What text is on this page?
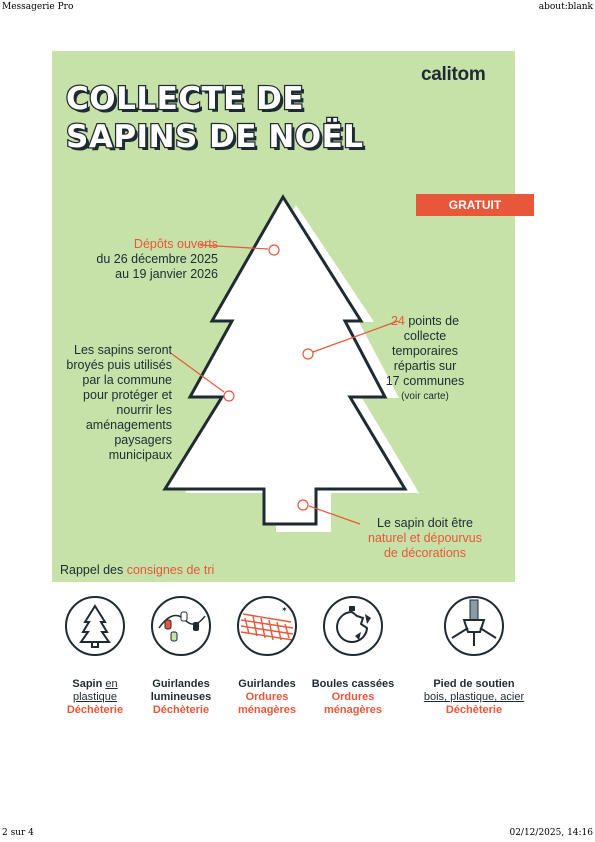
Messagerie Pro	about:blank
calitom
COLLECTE DE
SAPINS DE NOËL
GRATUIT
Dépôts ouverts
du 26 décembre 2025
au 19 janvier 2026
Les sapins seront broyés puis utilisés par la commune pour protéger et nourrir les aménagements paysagers municipaux
24 points de
collecte
temporaires
répartis sur
17 communes
(voir carte)
Le sapin doit être
naturel et dépourvus
de décorations
Rappel des consignes de tri
Sapin en
plastique
Déchèterie
Guirlandes
lumineuses
Déchèterie
✶
Guirlandes
Ordures
ménagères
Boules cassées
Ordures
ménagères
Pied de soutien
bois, plastique, acier
Déchèterie
2 sur 4	02/12/2025, 14:16
